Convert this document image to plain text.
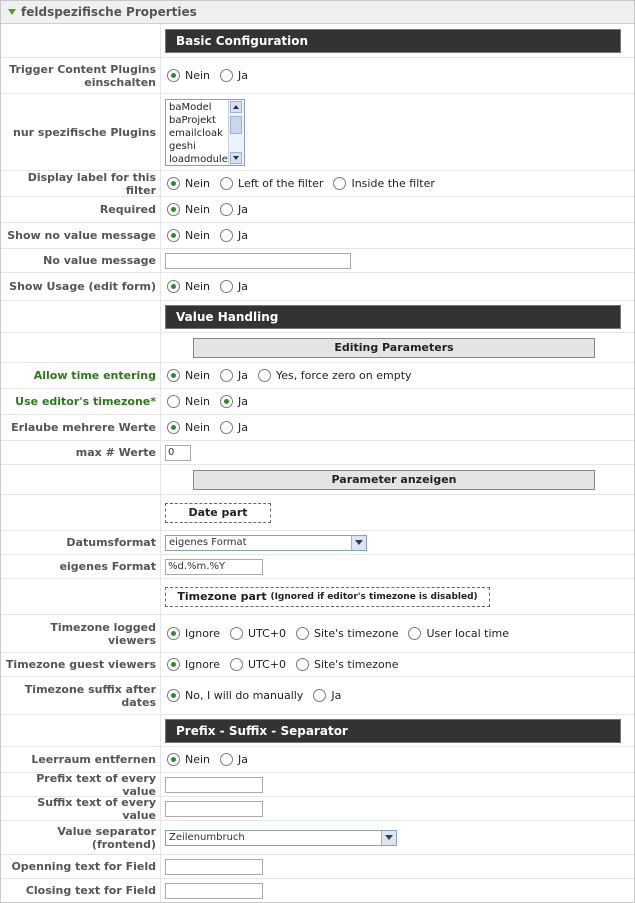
feldspezifische Properties
Basic Configuration
Trigger Content Plugins einschalten	Nein	Ja
nur spezifische Plugins
baModel
baProjekt
emailcloak
geshi
loadmodule
Display label for this filter	Nein	Left of the filter	Inside the filter
Required	Nein	Ja
Show no value message	Nein	Ja
No value message
Show Usage (edit form)	Nein	Ja
Value Handling
Editing Parameters
Allow time entering	Nein	Ja	Yes, force zero on empty
Use editor's timezone*	Nein	Ja
Erlaube mehrere Werte	Nein	Ja
max # Werte	0
Parameter anzeigen
Date part
Datumsformat	eigenes Format
eigenes Format	%d.%m.%Y
Timezone part
(Ignored if editor's timezone is disabled)
Timezone logged viewers	Ignore	UTC+0	Site's timezone	User local time
Timezone guest viewers	Ignore	UTC+0	Site's timezone
Timezone suffix after dates	No, I will do manually	Ja
Prefix - Suffix - Separator
Leerraum entfernen	Nein	Ja
Prefix text of every value
Suffix text of every value
Value separator (frontend)	Zeilenumbruch
Openning text for Field
Closing text for Field
